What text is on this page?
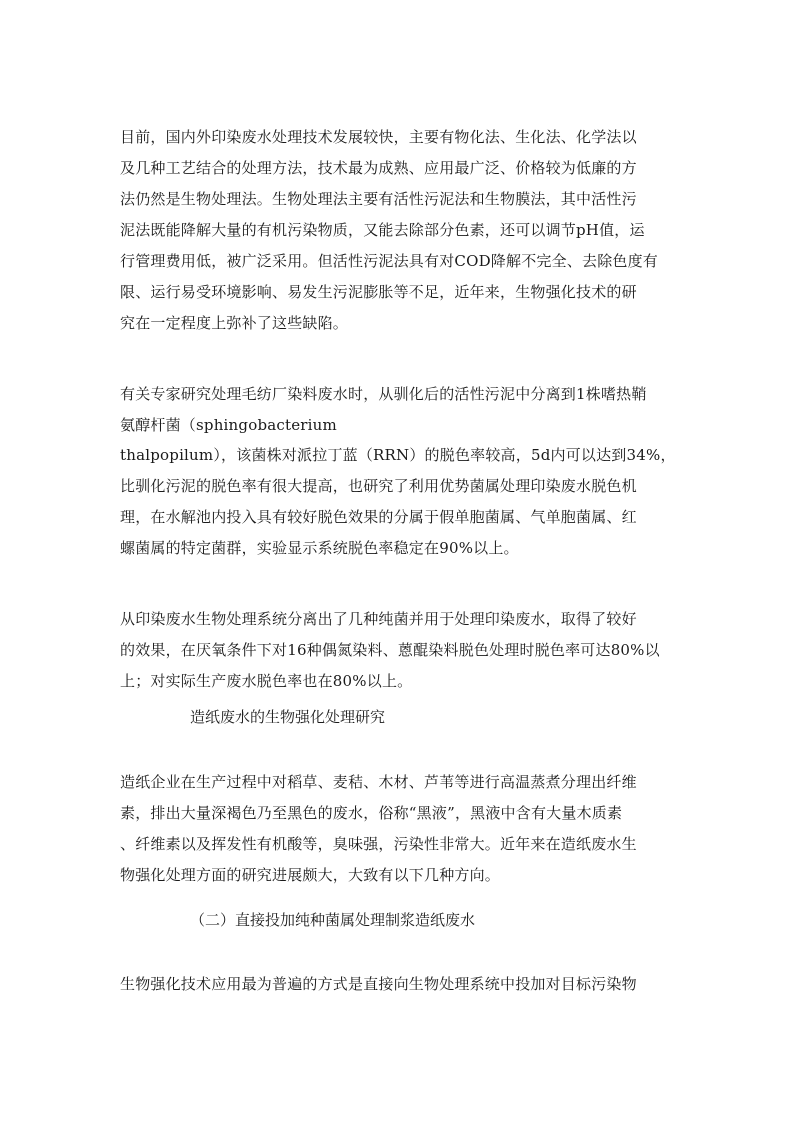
目前，国内外印染废水处理技术发展较快，主要有物化法、生化法、化学法以
及几种工艺结合的处理方法，技术最为成熟、应用最广泛、价格较为低廉的方
法仍然是生物处理法。生物处理法主要有活性污泥法和生物膜法，其中活性污
泥法既能降解大量的有机污染物质，又能去除部分色素，还可以调节pH值，运
行管理费用低，被广泛采用。但活性污泥法具有对COD降解不完全、去除色度有
限、运行易受环境影响、易发生污泥膨胀等不足，近年来，生物强化技术的研
究在一定程度上弥补了这些缺陷。
有关专家研究处理毛纺厂染料废水时，从驯化后的活性污泥中分离到1株嗜热鞘
氨醇杆菌（sphingobacterium
thalpopilum），该菌株对派拉丁蓝（RRN）的脱色率较高，5d内可以达到34%，
比驯化污泥的脱色率有很大提高，也研究了利用优势菌属处理印染废水脱色机
理，在水解池内投入具有较好脱色效果的分属于假单胞菌属、气单胞菌属、红
螺菌属的特定菌群，实验显示系统脱色率稳定在90%以上。
从印染废水生物处理系统分离出了几种纯菌并用于处理印染废水，取得了较好
的效果，在厌氧条件下对16种偶氮染料、蒽醌染料脱色处理时脱色率可达80%以
上；对实际生产废水脱色率也在80%以上。
造纸废水的生物强化处理研究
造纸企业在生产过程中对稻草、麦秸、木材、芦苇等进行高温蒸煮分理出纤维
素，排出大量深褐色乃至黑色的废水，俗称“黑液”，黑液中含有大量木质素
、纤维素以及挥发性有机酸等，臭味强，污染性非常大。近年来在造纸废水生
物强化处理方面的研究进展颇大，大致有以下几种方向。
（二）直接投加纯种菌属处理制浆造纸废水
生物强化技术应用最为普遍的方式是直接向生物处理系统中投加对目标污染物
